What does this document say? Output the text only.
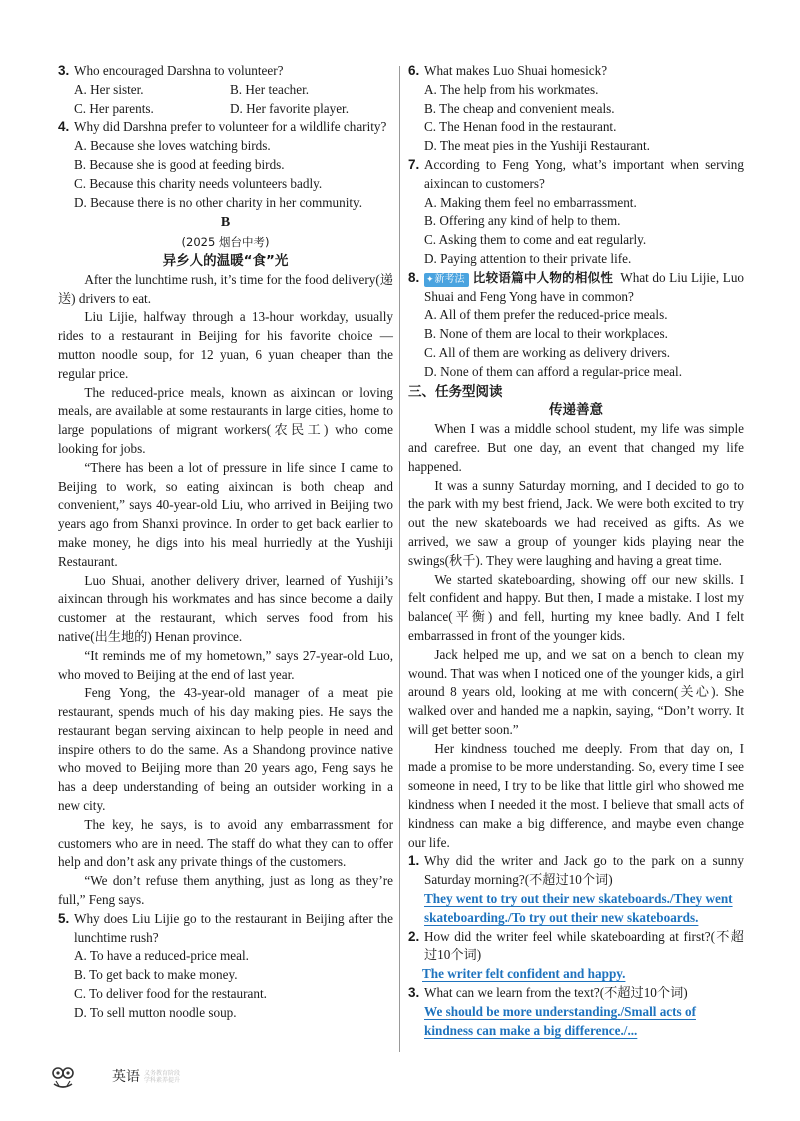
3. Who encouraged Darshna to volunteer?
A. Her sister.	B. Her teacher.
C. Her parents.	D. Her favorite player.
4. Why did Darshna prefer to volunteer for a wildlife charity?
A. Because she loves watching birds.
B. Because she is good at feeding birds.
C. Because this charity needs volunteers badly.
D. Because there is no other charity in her community.
B
(2025 烟台中考)
异乡人的温暖“食”光

After the lunchtime rush, it’s time for the food delivery(递送) drivers to eat.

Liu Lijie, halfway through a 13-hour workday, usually rides to a restaurant in Beijing for his favorite choice — mutton noodle soup, for 12 yuan, 6 yuan cheaper than the regular price.

The reduced-price meals, known as aixincan or loving meals, are available at some restaurants in large cities, home to large populations of migrant workers(农民工) who come looking for jobs.

“There has been a lot of pressure in life since I came to Beijing to work, so eating aixincan is both cheap and convenient,” says 40-year-old Liu, who arrived in Beijing two years ago from Shanxi province. In order to get back earlier to make money, he digs into his meal hurriedly at the Yushiji Restaurant.

Luo Shuai, another delivery driver, learned of Yushiji’s aixincan through his workmates and has since become a daily customer at the restaurant, which serves food from his native(出生地的) Henan province.

“It reminds me of my hometown,” says 27-year-old Luo, who moved to Beijing at the end of last year.

Feng Yong, the 43-year-old manager of a meat pie restaurant, spends much of his day making pies. He says the restaurant began serving aixincan to help people in need and inspire others to do the same. As a Shandong province native who moved to Beijing more than 20 years ago, Feng says he has a deep understanding of being an outsider working in a new city.

The key, he says, is to avoid any embarrassment for customers who are in need. The staff do what they can to offer help and don’t ask any private things of the customers.

“We don’t refuse them anything, just as long as they’re full,” Feng says.

5. Why does Liu Lijie go to the restaurant in Beijing after the lunchtime rush?
A. To have a reduced-price meal.
B. To get back to make money.
C. To deliver food for the restaurant.
D. To sell mutton noodle soup.
6. What makes Luo Shuai homesick?
A. The help from his workmates.
B. The cheap and convenient meals.
C. The Henan food in the restaurant.
D. The meat pies in the Yushiji Restaurant.
7. According to Feng Yong, what’s important when serving aixincan to customers?
A. Making them feel no embarrassment.
B. Offering any kind of help to them.
C. Asking them to come and eat regularly.
D. Paying attention to their private life.
8. ✦新考法 比较语篇中人物的相似性 What do Liu Lijie, Luo Shuai and Feng Yong have in common?
A. All of them prefer the reduced-price meals.
B. None of them are local to their workplaces.
C. All of them are working as delivery drivers.
D. None of them can afford a regular-price meal.
三、任务型阅读
传递善意

When I was a middle school student, my life was simple and carefree. But one day, an event that changed my life happened.

It was a sunny Saturday morning, and I decided to go to the park with my best friend, Jack. We were both excited to try out the new skateboards we had received as gifts. As we arrived, we saw a group of younger kids playing near the swings(秋千). They were laughing and having a great time.

We started skateboarding, showing off our new skills. I felt confident and happy. But then, I made a mistake. I lost my balance(平衡) and fell, hurting my knee badly. And I felt embarrassed in front of the younger kids.

Jack helped me up, and we sat on a bench to clean my wound. That was when I noticed one of the younger kids, a girl around 8 years old, looking at me with concern(关心). She walked over and handed me a napkin, saying, “Don’t worry. It will get better soon.”

Her kindness touched me deeply. From that day on, I made a promise to be more understanding. So, every time I see someone in need, I try to be like that little girl who showed me kindness when I needed it the most. I believe that small acts of kindness can make a big difference, and maybe even change our life.

1. Why did the writer and Jack go to the park on a sunny Saturday morning?(不超过10个词)
They went to try out their new skateboards./They went skateboarding./To try out their new skateboards.
2. How did the writer feel while skateboarding at first?(不超过10个词)
The writer felt confident and happy.
3. What can we learn from the text?(不超过10个词)
We should be more understanding./Small acts of kindness can make a big difference./...
英语 义务教育阶段
学科素养提升
